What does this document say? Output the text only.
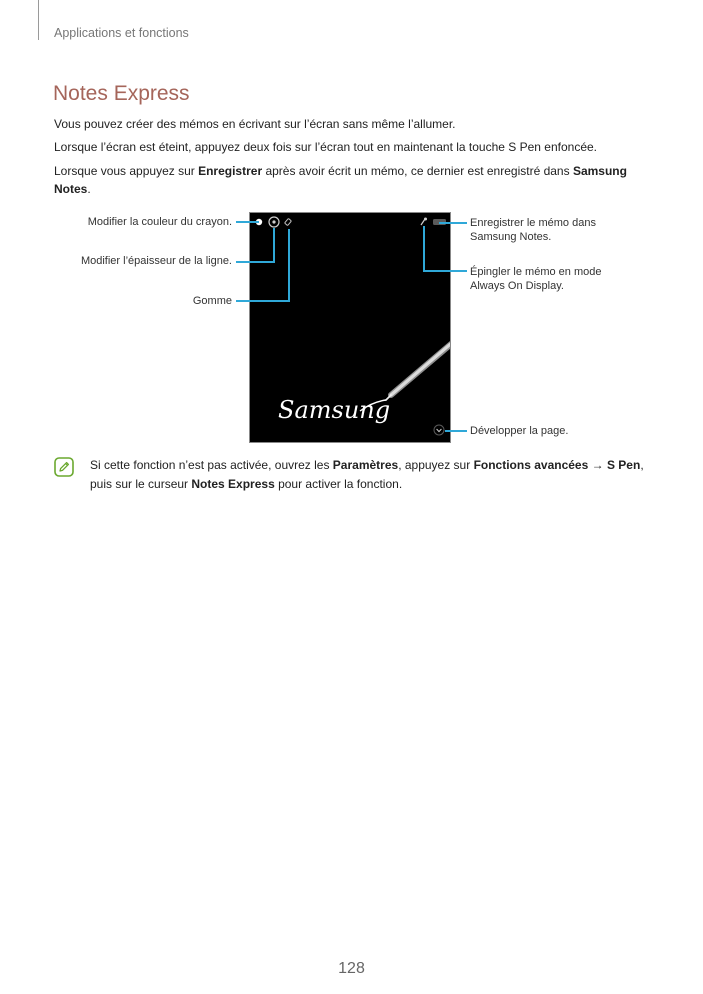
Applications et fonctions
Notes Express

Vous pouvez créer des mémos en écrivant sur l’écran sans même l’allumer.

Lorsque l’écran est éteint, appuyez deux fois sur l’écran tout en maintenant la touche S Pen enfoncée.

Lorsque vous appuyez sur Enregistrer après avoir écrit un mémo, ce dernier est enregistré dans Samsung Notes.

Samsung
Modifier la couleur du crayon.
Modifier l’épaisseur de la ligne.
Gomme
Enregistrer le mémo dans Samsung Notes.
Épingler le mémo en mode Always On Display.
Développer la page.

Si cette fonction n’est pas activée, ouvrez les Paramètres, appuyez sur Fonctions avancées → S Pen, puis sur le curseur Notes Express pour activer la fonction.

128
